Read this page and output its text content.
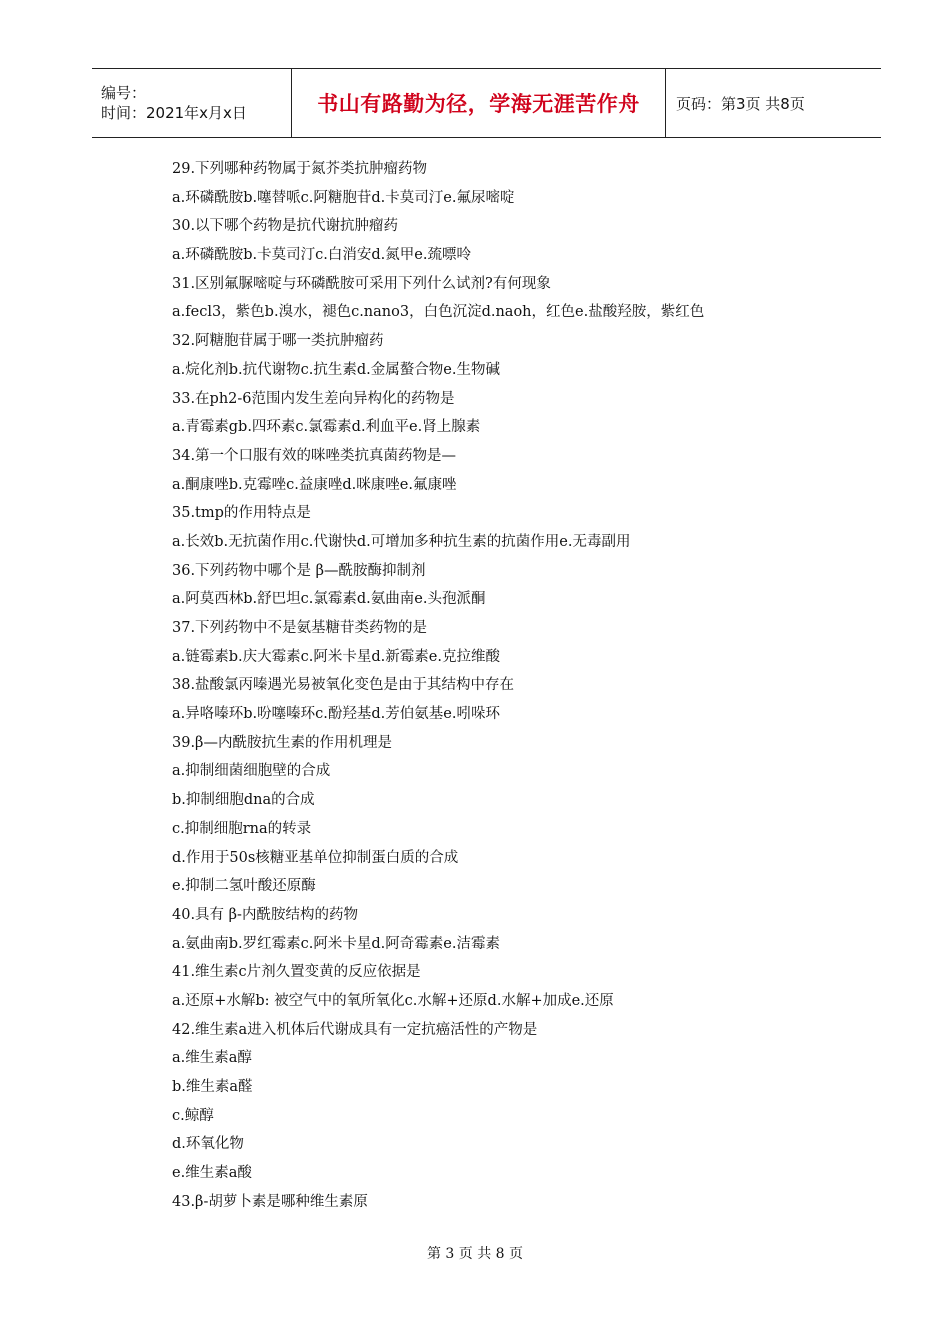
编号：
时间：2021年x月x日	书山有路勤为径，学海无涯苦作舟	页码：第3页 共8页
29.下列哪种药物属于氮芥类抗肿瘤药物
a.环磷酰胺b.噻替哌c.阿糖胞苷d.卡莫司汀e.氟尿嘧啶
30.以下哪个药物是抗代谢抗肿瘤药
a.环磷酰胺b.卡莫司汀c.白消安d.氮甲e.巯嘌呤
31.区别氟脲嘧啶与环磷酰胺可采用下列什么试剂?有何现象
a.fecl3，紫色b.溴水，褪色c.nano3，白色沉淀d.naoh，红色e.盐酸羟胺，紫红色
32.阿糖胞苷属于哪一类抗肿瘤药
a.烷化剂b.抗代谢物c.抗生素d.金属螯合物e.生物碱
33.在ph2-6范围内发生差向异构化的药物是
a.青霉素gb.四环素c.氯霉素d.利血平e.肾上腺素
34.第一个口服有效的咪唑类抗真菌药物是—
a.酮康唑b.克霉唑c.益康唑d.咪康唑e.氟康唑
35.tmp的作用特点是
a.长效b.无抗菌作用c.代谢快d.可增加多种抗生素的抗菌作用e.无毒副用
36.下列药物中哪个是 β—酰胺酶抑制剂
a.阿莫西林b.舒巴坦c.氯霉素d.氨曲南e.头孢派酮
37.下列药物中不是氨基糖苷类药物的是
a.链霉素b.庆大霉素c.阿米卡星d.新霉素e.克拉维酸
38.盐酸氯丙嗪遇光易被氧化变色是由于其结构中存在
a.异咯嗪环b.吩噻嗪环c.酚羟基d.芳伯氨基e.吲哚环
39.β—内酰胺抗生素的作用机理是
a.抑制细菌细胞壁的合成
b.抑制细胞dna的合成
c.抑制细胞rna的转录
d.作用于50s核糖亚基单位抑制蛋白质的合成
e.抑制二氢叶酸还原酶
40.具有 β-内酰胺结构的药物
a.氨曲南b.罗红霉素c.阿米卡星d.阿奇霉素e.洁霉素
41.维生素c片剂久置变黄的反应依据是
a.还原+水解b: 被空气中的氧所氧化c.水解+还原d.水解+加成e.还原
42.维生素a进入机体后代谢成具有一定抗癌活性的产物是
a.维生素a醇
b.维生素a醛
c.鲸醇
d.环氧化物
e.维生素a酸
43.β-胡萝卜素是哪种维生素原
第 3 页 共 8 页
